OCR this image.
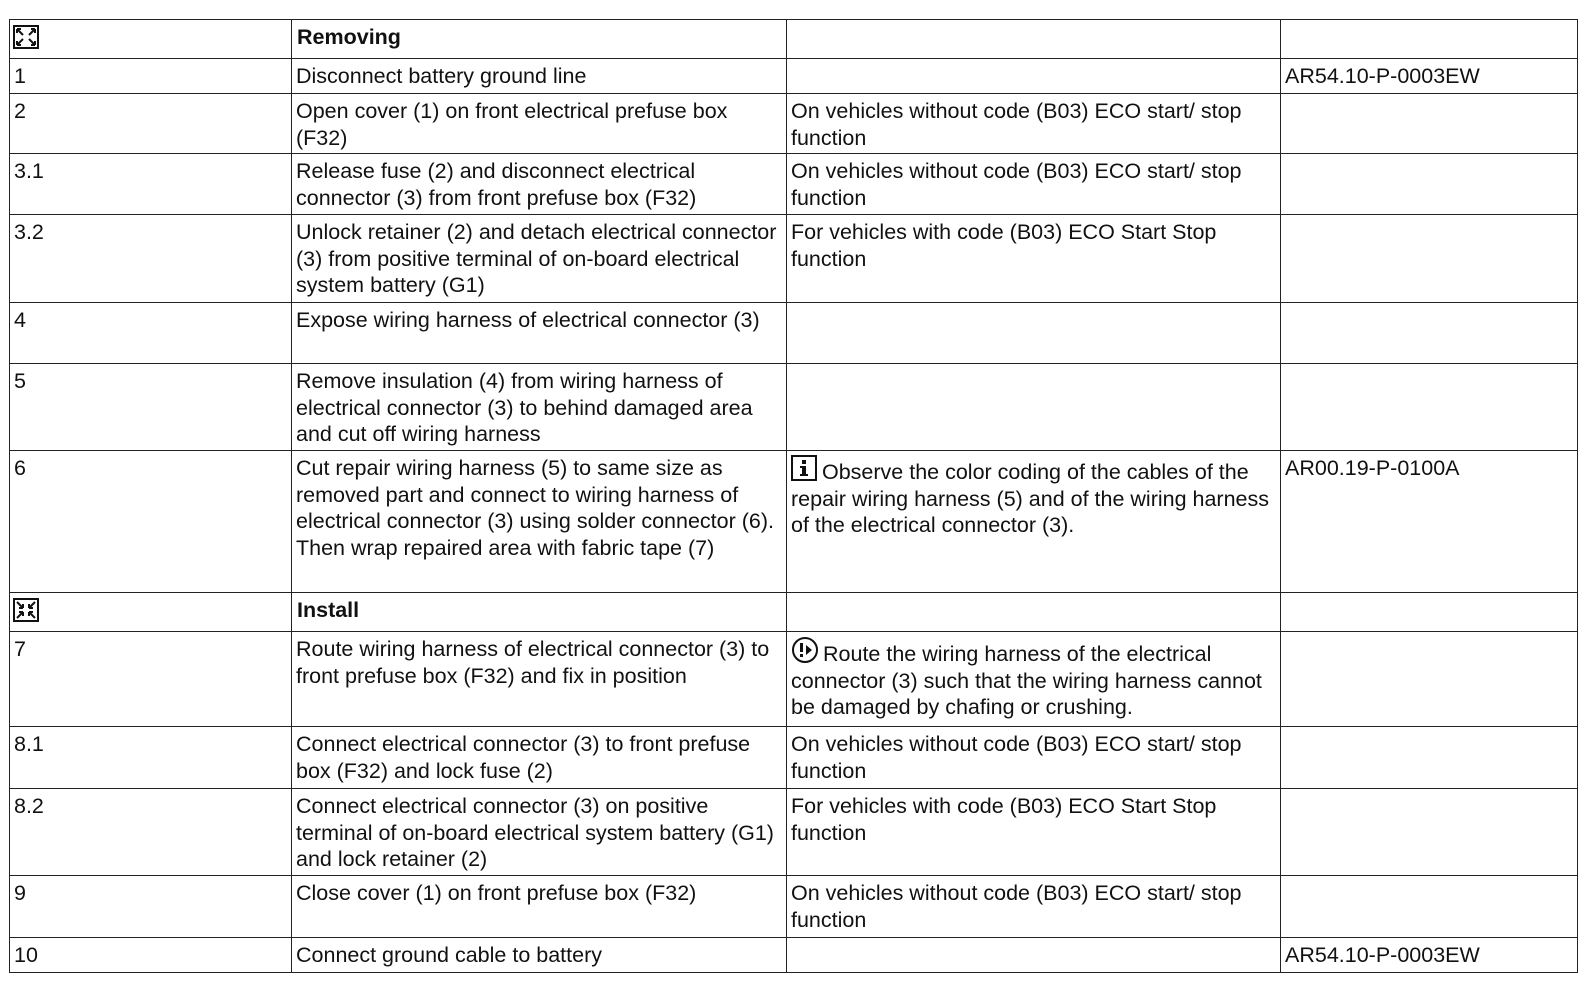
	Removing		
1	Disconnect battery ground line		AR54.10-P-0003EW
2	Open cover (1) on front electrical prefuse box (F32)	On vehicles without code (B03) ECO start/ stop function	
3.1	Release fuse (2) and disconnect electrical connector (3) from front prefuse box (F32)	On vehicles without code (B03) ECO start/ stop function	
3.2	Unlock retainer (2) and detach electrical connector (3) from positive terminal of on-board electrical system battery (G1)	For vehicles with code (B03) ECO Start Stop function	
4	Expose wiring harness of electrical connector (3)		
5	Remove insulation (4) from wiring harness of electrical connector (3) to behind damaged area and cut off wiring harness		
6	Cut repair wiring harness (5) to same size as removed part and connect to wiring harness of electrical connector (3) using solder connector (6). Then wrap repaired area with fabric tape (7)	Observe the color coding of the cables of the repair wiring harness (5) and of the wiring harness of the electrical connector (3).	AR00.19-P-0100A
	Install		
7	Route wiring harness of electrical connector (3) to front prefuse box (F32) and fix in position	Route the wiring harness of the electrical connector (3) such that the wiring harness cannot be damaged by chafing or crushing.	
8.1	Connect electrical connector (3) to front prefuse box (F32) and lock fuse (2)	On vehicles without code (B03) ECO start/ stop function	
8.2	Connect electrical connector (3) on positive terminal of on-board electrical system battery (G1) and lock retainer (2)	For vehicles with code (B03) ECO Start Stop function	
9	Close cover (1) on front prefuse box (F32)	On vehicles without code (B03) ECO start/ stop function	
10	Connect ground cable to battery		AR54.10-P-0003EW
